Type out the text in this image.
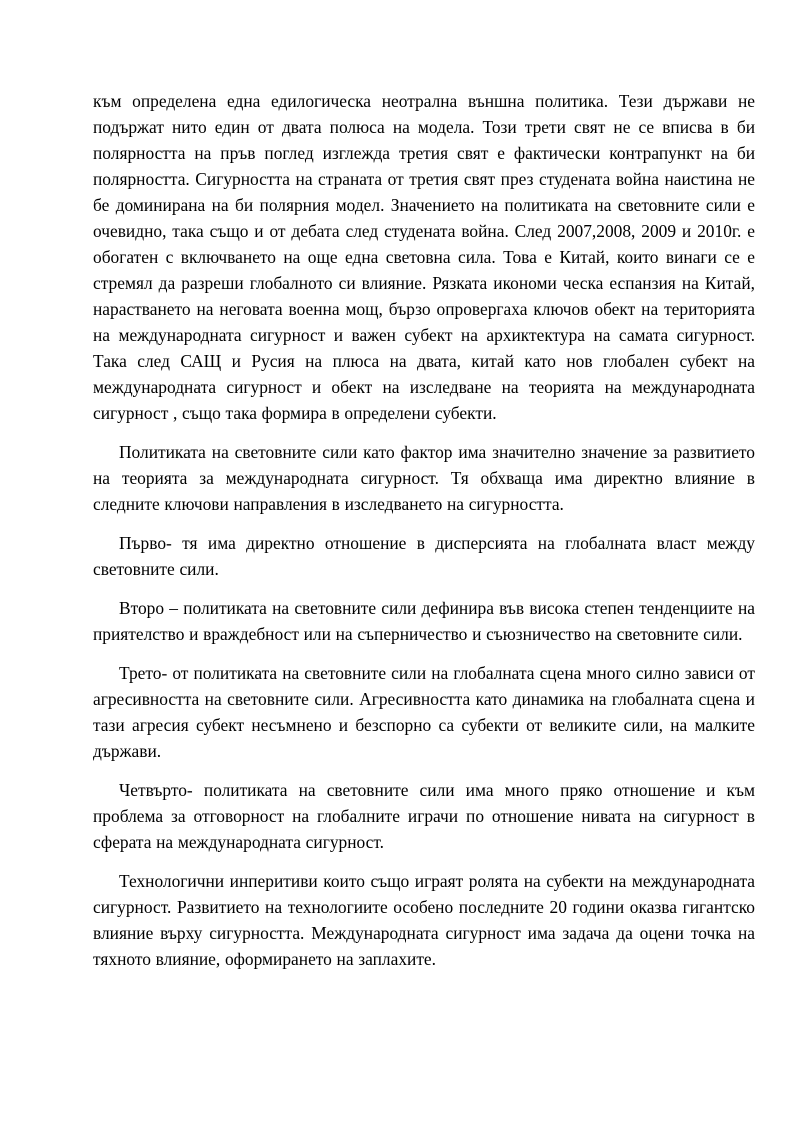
към определена една едилогическа неотрална външна политика. Тези държави не подържат нито един от двата полюса на модела. Този трети свят не се вписва в би полярността на пръв поглед изглежда третия свят е фактически контрапункт на би полярността. Сигурността на страната от третия свят през студената война наистина не бе доминирана на би полярния модел. Значението на политиката на световните сили е очевидно, така също и от дебата след студената война. След 2007,2008, 2009 и 2010г. е обогатен с включването на още една световна сила. Това е Китай, които винаги се е стремял да разреши глобалното си влияние. Рязката икономи ческа еспанзия на Китай, нарастването на неговата военна мощ, бързо опровергаха ключов обект на територията на международната сигурност и важен субект на архиктектура на самата сигурност. Така след САЩ и Русия на плюса на двата, китай като нов глобален субект на международната сигурност и обект на изследване на теорията на международната сигурност , също така формира в определени субекти.

Политиката на световните сили като фактор има значително значение за развитието на теорията за международната сигурност. Тя обхваща има директно влияние в следните ключови направления в изследването на сигурността.

Първо- тя има директно отношение в дисперсията на глобалната власт между световните сили.

Второ – политиката на световните сили дефинира във висока степен тенденциите на приятелство и враждебност или на съперничество и съюзничество на световните сили.

Трето- от политиката на световните сили на глобалната сцена много силно зависи от агресивността на световните сили. Агресивността като динамика на глобалната сцена и тази агресия субект несъмнено и безспорно са субекти от великите сили, на малките държави.

Четвърто- политиката на световните сили има много пряко отношение и към проблема за отговорност на глобалните играчи по отношение нивата на сигурност в сферата на международната сигурност.

Технологични инперитиви които също играят ролята на субекти на международната сигурност. Развитието на технологиите особено последните 20 години оказва гигантско влияние върху сигурността. Международната сигурност има задача да оцени точка на тяхното влияние, оформирането на заплахите.
